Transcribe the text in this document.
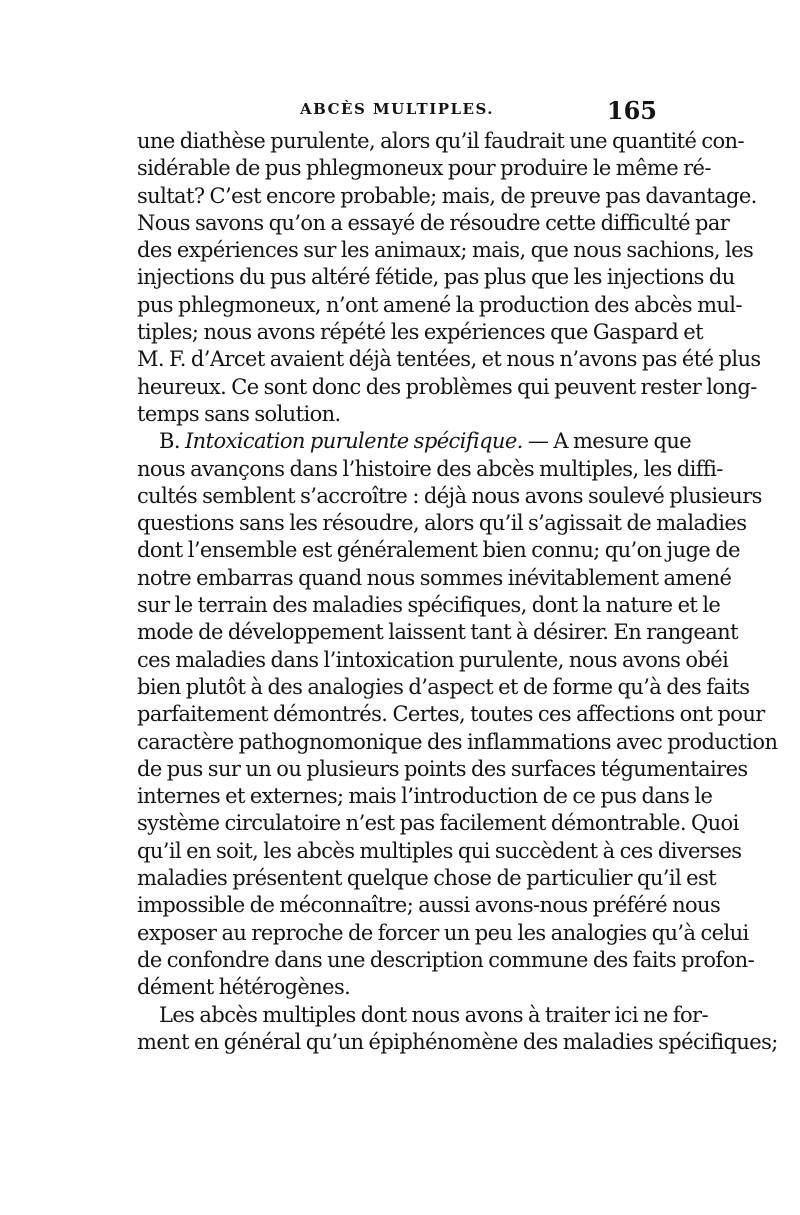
ABCÈS MULTIPLES.	165
une diathèse purulente, alors qu’il faudrait une quantité con-
sidérable de pus phlegmoneux pour produire le même ré-
sultat? C’est encore probable; mais, de preuve pas davantage.
Nous savons qu’on a essayé de résoudre cette difficulté par
des expériences sur les animaux; mais, que nous sachions, les
injections du pus altéré fétide, pas plus que les injections du
pus phlegmoneux, n’ont amené la production des abcès mul-
tiples; nous avons répété les expériences que Gaspard et
M. F. d’Arcet avaient déjà tentées, et nous n’avons pas été plus
heureux. Ce sont donc des problèmes qui peuvent rester long-
temps sans solution.
B. Intoxication purulente spécifique. — A mesure que
nous avançons dans l’histoire des abcès multiples, les diffi-
cultés semblent s’accroître : déjà nous avons soulevé plusieurs
questions sans les résoudre, alors qu’il s’agissait de maladies
dont l’ensemble est généralement bien connu; qu’on juge de
notre embarras quand nous sommes inévitablement amené
sur le terrain des maladies spécifiques, dont la nature et le
mode de développement laissent tant à désirer. En rangeant
ces maladies dans l’intoxication purulente, nous avons obéi
bien plutôt à des analogies d’aspect et de forme qu’à des faits
parfaitement démontrés. Certes, toutes ces affections ont pour
caractère pathognomonique des inflammations avec production
de pus sur un ou plusieurs points des surfaces tégumentaires
internes et externes; mais l’introduction de ce pus dans le
système circulatoire n’est pas facilement démontrable. Quoi
qu’il en soit, les abcès multiples qui succèdent à ces diverses
maladies présentent quelque chose de particulier qu’il est
impossible de méconnaître; aussi avons-nous préféré nous
exposer au reproche de forcer un peu les analogies qu’à celui
de confondre dans une description commune des faits profon-
dément hétérogènes.
Les abcès multiples dont nous avons à traiter ici ne for-
ment en général qu’un épiphénomène des maladies spécifiques;
